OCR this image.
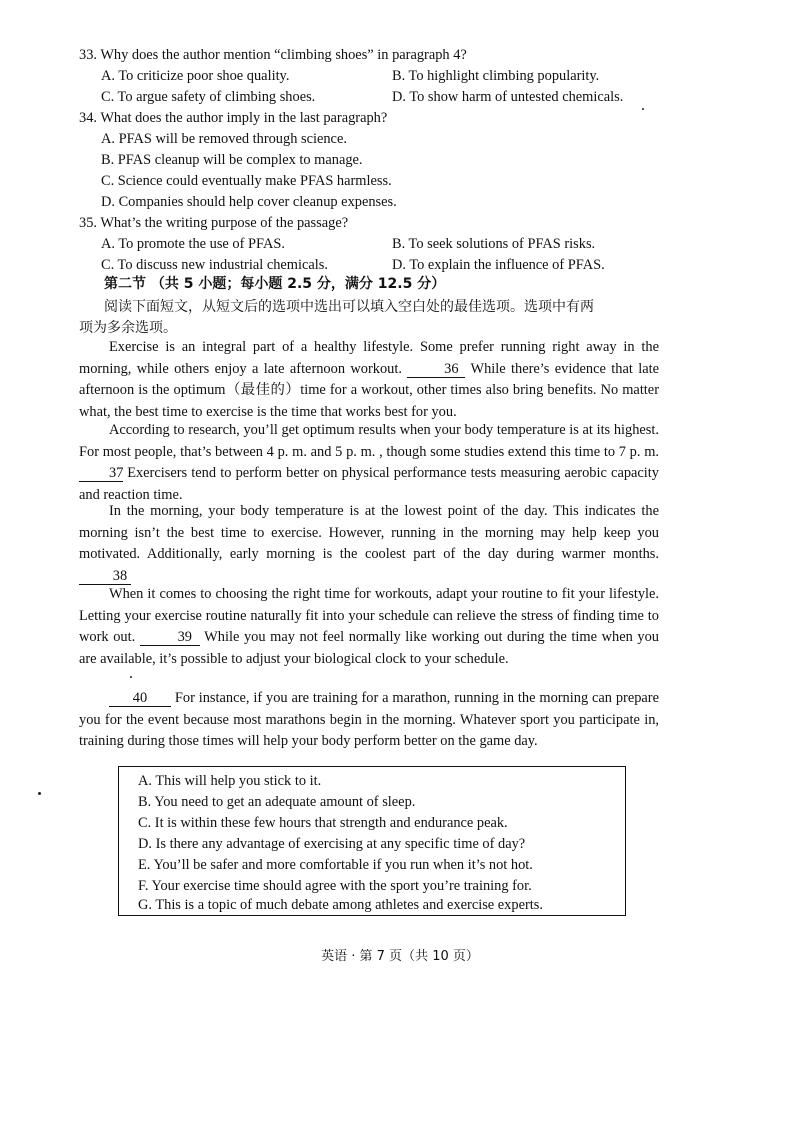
33. Why does the author mention “climbing shoes” in paragraph 4?
A. To criticize poor shoe quality.	B. To highlight climbing popularity.
C. To argue safety of climbing shoes.	D. To show harm of untested chemicals.
34. What does the author imply in the last paragraph?
A. PFAS will be removed through science.
B. PFAS cleanup will be complex to manage.
C. Science could eventually make PFAS harmless.
D. Companies should help cover cleanup expenses.
35. What’s the writing purpose of the passage?
A. To promote the use of PFAS.	B. To seek solutions of PFAS risks.
C. To discuss new industrial chemicals.	D. To explain the influence of PFAS.
第二节 （共 5 小题；每小题 2.5 分，满分 12.5 分）
阅读下面短文，从短文后的选项中选出可以填入空白处的最佳选项。选项中有两
项为多余选项。
Exercise is an integral part of a healthy lifestyle. Some prefer running right away in the morning, while others enjoy a late afternoon workout.	36 While there’s evidence that late afternoon is the optimum（最佳的）time for a workout, other times also bring benefits. No matter what, the best time to exercise is the time that works best for you.
According to research, you’ll get optimum results when your body temperature is at its highest. For most people, that’s between 4 p. m. and 5 p. m. , though some studies extend this time to 7 p. m. 37 Exercisers tend to perform better on physical performance tests measuring aerobic capacity and reaction time.
In the morning, your body temperature is at the lowest point of the day. This indicates the morning isn’t the best time to exercise. However, running in the morning may help keep you motivated. Additionally, early morning is the coolest part of the day during warmer months. 38
When it comes to choosing the right time for workouts, adapt your routine to fit your lifestyle. Letting your exercise routine naturally fit into your schedule can relieve the stress of finding time to work out.	39 While you may not feel normally like working out during the time when you are available, it’s possible to adjust your biological clock to your schedule.
40 For instance, if you are training for a marathon, running in the morning can prepare you for the event because most marathons begin in the morning. Whatever sport you participate in, training during those times will help your body perform better on the game day.
A. This will help you stick to it.
B. You need to get an adequate amount of sleep.
C. It is within these few hours that strength and endurance peak.
D. Is there any advantage of exercising at any specific time of day?
E. You’ll be safer and more comfortable if you run when it’s not hot.
F. Your exercise time should agree with the sport you’re training for.
G. This is a topic of much debate among athletes and exercise experts.
英语 · 第 7 页（共 10 页）
